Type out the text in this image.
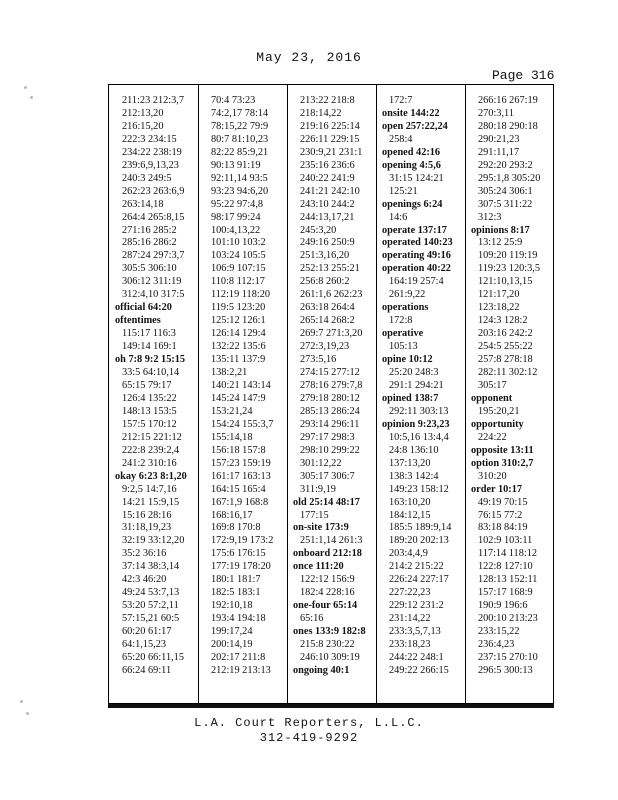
May 23, 2016
Page 316
211:23 212:3,7
212:13,20
216:15,20
222:3 234:15
234:22 238:19
239:6,9,13,23
240:3 249:5
262:23 263:6,9
263:14,18
264:4 265:8,15
271:16 285:2
285:16 286:2
287:24 297:3,7
305:5 306:10
306:12 311:19
312:4,10 317:5
official 64:20
oftentimes
115:17 116:3
149:14 169:1
oh 7:8 9:2 15:15
33:5 64:10,14
65:15 79:17
126:4 135:22
148:13 153:5
157:5 170:12
212:15 221:12
222:8 239:2,4
241:2 310:16
okay 6:23 8:1,20
9:2,5 14:7,16
14:21 15:9,15
15:16 28:16
31:18,19,23
32:19 33:12,20
35:2 36:16
37:14 38:3,14
42:3 46:20
49:24 53:7,13
53:20 57:2,11
57:15,21 60:5
60:20 61:17
64:1,15,23
65:20 66:11,15
66:24 69:11
70:4 73:23
74:2,17 78:14
78:15,22 79:9
80:7 81:10,23
82:22 85:9,21
90:13 91:19
92:11,14 93:5
93:23 94:6,20
95:22 97:4,8
98:17 99:24
100:4,13,22
101:10 103:2
103:24 105:5
106:9 107:15
110:8 112:17
112:19 118:20
119:5 123:20
125:12 126:1
126:14 129:4
132:22 135:6
135:11 137:9
138:2,21
140:21 143:14
145:24 147:9
153:21,24
154:24 155:3,7
155:14,18
156:18 157:8
157:23 159:19
161:17 163:13
164:15 165:4
167:1,9 168:8
168:16,17
169:8 170:8
172:9,19 173:2
175:6 176:15
177:19 178:20
180:1 181:7
182:5 183:1
192:10,18
193:4 194:18
199:17,24
200:14,19
202:17 211:8
212:19 213:13
213:22 218:8
218:14,22
219:16 225:14
226:11 229:15
230:9,21 231:1
235:16 236:6
240:22 241:9
241:21 242:10
243:10 244:2
244:13,17,21
245:3,20
249:16 250:9
251:3,16,20
252:13 255:21
256:8 260:2
261:1,6 262:23
263:18 264:4
265:14 268:2
269:7 271:3,20
272:3,19,23
273:5,16
274:15 277:12
278:16 279:7,8
279:18 280:12
285:13 286:24
293:14 296:11
297:17 298:3
298:10 299:22
301:12,22
305:17 306:7
311:9,19
old 25:14 48:17
177:15
on-site 173:9
251:1,14 261:3
onboard 212:18
once 111:20
122:12 156:9
182:4 228:16
one-four 65:14
65:16
ones 133:9 182:8
215:8 230:22
246:10 309:19
ongoing 40:1
172:7
onsite 144:22
open 257:22,24
258:4
opened 42:16
opening 4:5,6
31:15 124:21
125:21
openings 6:24
14:6
operate 137:17
operated 140:23
operating 49:16
operation 40:22
164:19 257:4
261:9,22
operations
172:8
operative
105:13
opine 10:12
25:20 248:3
291:1 294:21
opined 138:7
292:11 303:13
opinion 9:23,23
10:5,16 13:4,4
24:8 136:10
137:13,20
138:3 142:4
149:23 158:12
163:10,20
184:12,15
185:5 189:9,14
189:20 202:13
203:4,4,9
214:2 215:22
226:24 227:17
227:22,23
229:12 231:2
231:14,22
233:3,5,7,13
233:18,23
244:22 248:1
249:22 266:15
266:16 267:19
270:3,11
280:18 290:18
290:21,23
291:11,17
292:20 293:2
295:1,8 305:20
305:24 306:1
307:5 311:22
312:3
opinions 8:17
13:12 25:9
109:20 119:19
119:23 120:3,5
121:10,13,15
121:17,20
123:18,22
124:3 128:2
203:16 242:2
254:5 255:22
257:8 278:18
282:11 302:12
305:17
opponent
195:20,21
opportunity
224:22
opposite 13:11
option 310:2,7
310:20
order 10:17
49:19 70:15
76:15 77:2
83:18 84:19
102:9 103:11
117:14 118:12
122:8 127:10
128:13 152:11
157:17 168:9
190:9 196:6
200:10 213:23
233:15,22
236:4,23
237:15 270:10
296:5 300:13
L.A. Court Reporters, L.L.C.
312-419-9292
